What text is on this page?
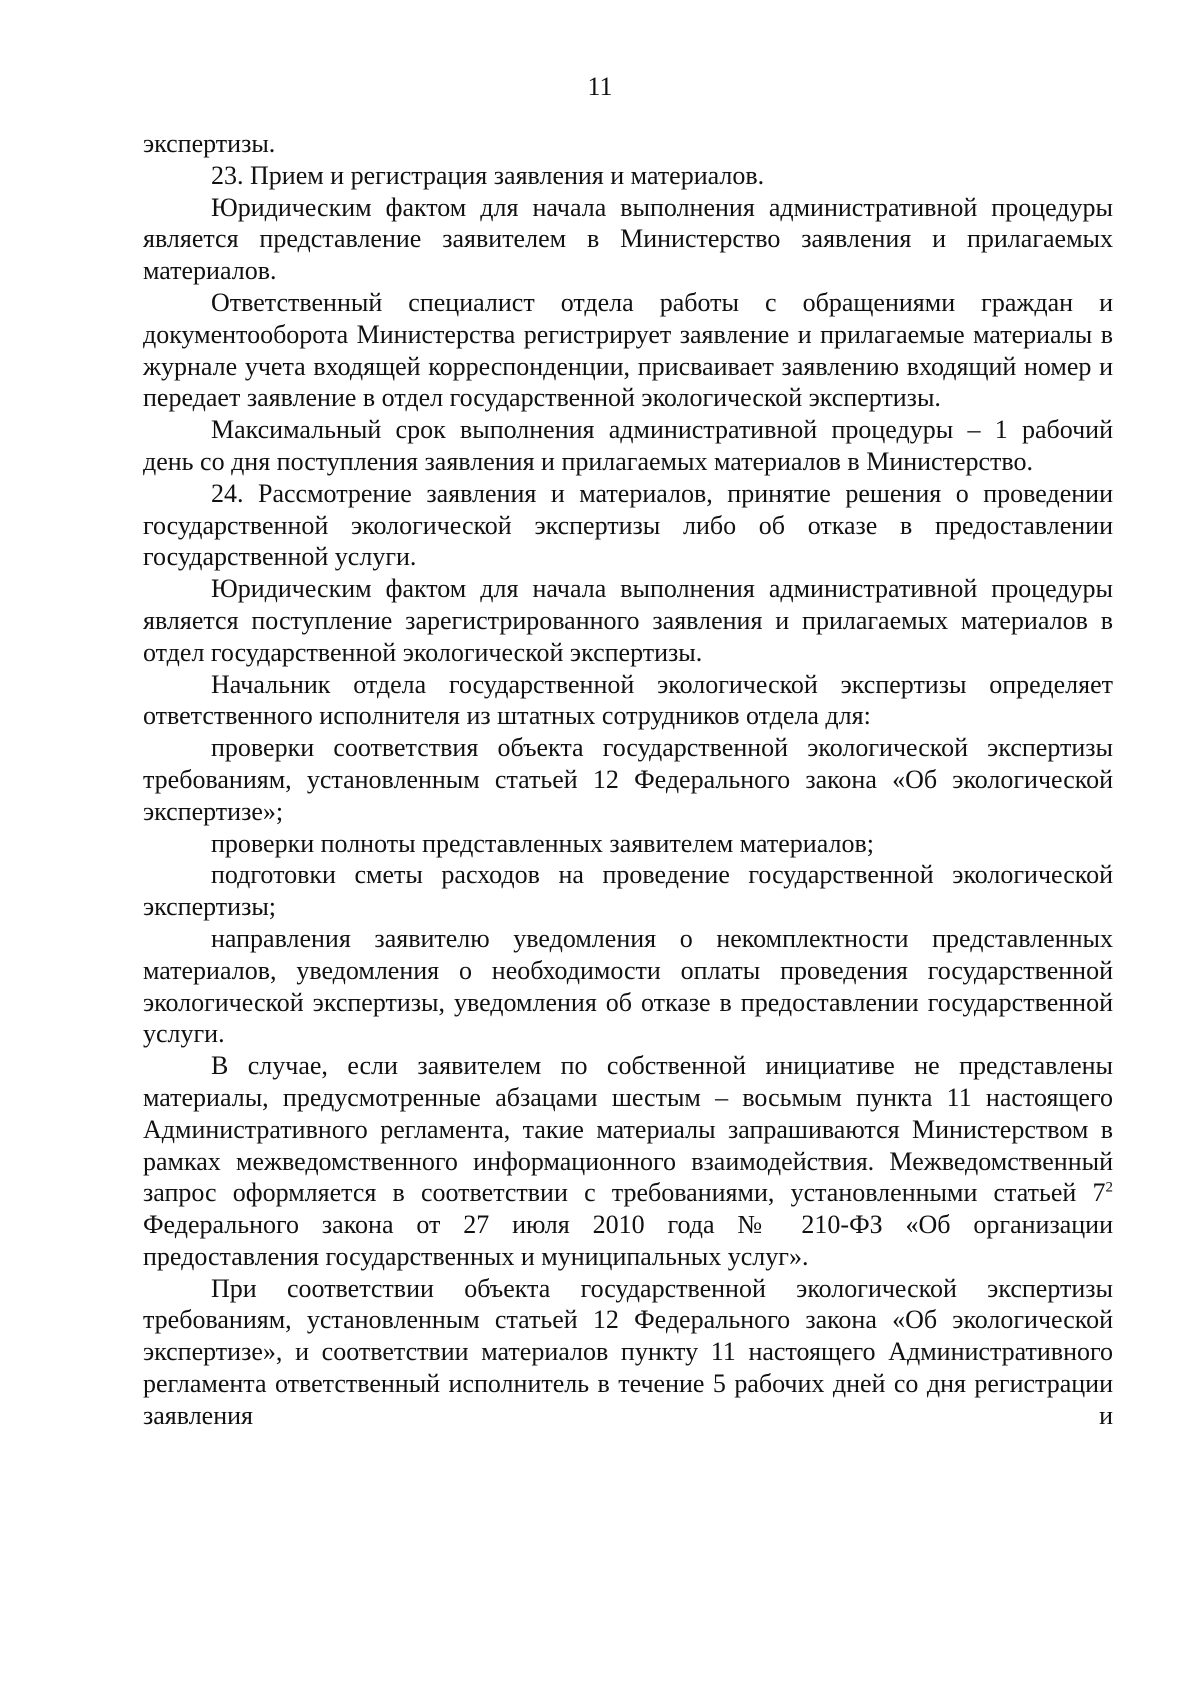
11

экспертизы.

23. Прием и регистрация заявления и материалов.

Юридическим фактом для начала выполнения административной процедуры является представление заявителем в Министерство заявления и прилагаемых материалов.

Ответственный специалист отдела работы с обращениями граждан и документооборота Министерства регистрирует заявление и прилагаемые материалы в журнале учета входящей корреспонденции, присваивает заявлению входящий номер и передает заявление в отдел государственной экологической экспертизы.

Максимальный срок выполнения административной процедуры – 1 рабочий день со дня поступления заявления и прилагаемых материалов в Министерство.

24. Рассмотрение заявления и материалов, принятие решения о проведении государственной экологической экспертизы либо об отказе в предоставлении государственной услуги.

Юридическим фактом для начала выполнения административной процедуры является поступление зарегистрированного заявления и прилагаемых материалов в отдел государственной экологической экспертизы.

Начальник отдела государственной экологической экспертизы определяет ответственного исполнителя из штатных сотрудников отдела для:

проверки соответствия объекта государственной экологической экспертизы требованиям, установленным статьей 12 Федерального закона «Об экологической экспертизе»;

проверки полноты представленных заявителем материалов;

подготовки сметы расходов на проведение государственной экологической экспертизы;

направления заявителю уведомления о некомплектности представленных материалов, уведомления о необходимости оплаты проведения государственной экологической экспертизы, уведомления об отказе в предоставлении государственной услуги.

В случае, если заявителем по собственной инициативе не представлены материалы, предусмотренные абзацами шестым – восьмым пункта 11 настоящего Административного регламента, такие материалы запрашиваются Министерством в рамках межведомственного информационного взаимодействия. Межведомственный запрос оформляется в соответствии с требованиями, установленными статьей $7^2$ Федерального закона от 27 июля 2010 года № 210-ФЗ «Об организации предоставления государственных и муниципальных услуг».

При соответствии объекта государственной экологической экспертизы требованиям, установленным статьей 12 Федерального закона «Об экологической экспертизе», и соответствии материалов пункту 11 настоящего Административного регламента ответственный исполнитель в течение 5 рабочих дней со дня регистрации заявления и
